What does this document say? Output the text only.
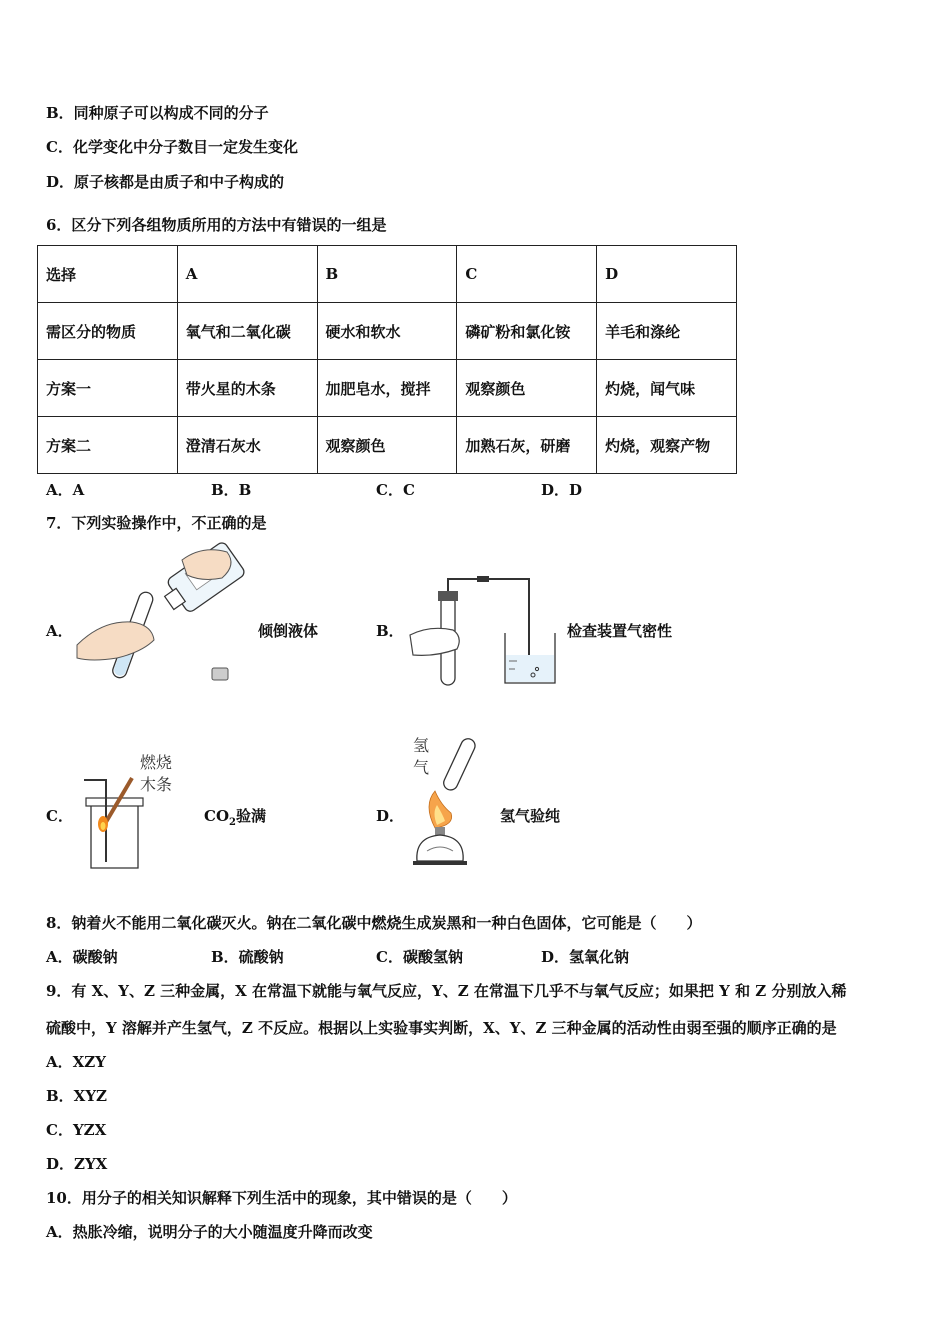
B．同种原子可以构成不同的分子
C．化学变化中分子数目一定发生变化
D．原子核都是由质子和中子构成的
6．区分下列各组物质所用的方法中有错误的一组是
选择	A	B	C	D
需区分的物质	氧气和二氧化碳	硬水和软水	磷矿粉和氯化铵	羊毛和涤纶
方案一	带火星的木条	加肥皂水，搅拌	观察颜色	灼烧，闻气味
方案二	澄清石灰水	观察颜色	加熟石灰，研磨	灼烧，观察产物
A．A	B．B	C．C	D．D
7．下列实验操作中，不正确的是
A．	倾倒液体	B．	检查装置气密性
C．
燃烧
木条
$CO_2$验满	D．
氢
气
氢气验纯
8．钠着火不能用二氧化碳灭火。钠在二氧化碳中燃烧生成炭黑和一种白色固体，它可能是（　　）
A．碳酸钠	B．硫酸钠	C．碳酸氢钠	D．氢氧化钠
9．有 X、Y、Z 三种金属，X 在常温下就能与氧气反应，Y、Z 在常温下几乎不与氧气反应；如果把 Y 和 Z 分别放入稀
硫酸中，Y 溶解并产生氢气，Z 不反应。根据以上实验事实判断，X、Y、Z 三种金属的活动性由弱至强的顺序正确的是
A．XZY
B．XYZ
C．YZX
D．ZYX
10．用分子的相关知识解释下列生活中的现象，其中错误的是（　　）
A．热胀冷缩，说明分子的大小随温度升降而改变
